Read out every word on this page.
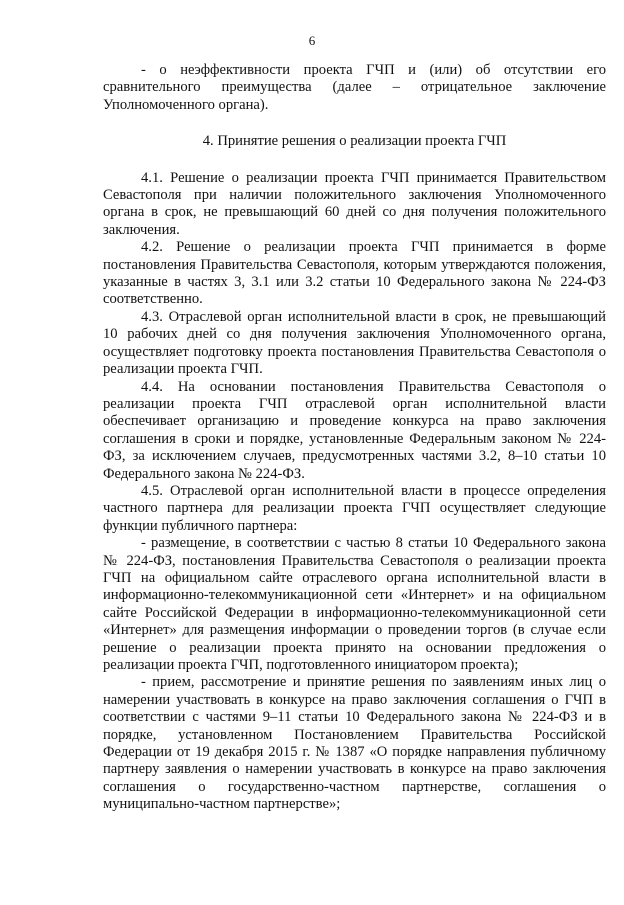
6

- о неэффективности проекта ГЧП и (или) об отсутствии его сравнительного преимущества (далее – отрицательное заключение Уполномоченного органа).

4. Принятие решения о реализации проекта ГЧП

4.1. Решение о реализации проекта ГЧП принимается Правительством Севастополя при наличии положительного заключения Уполномоченного органа в срок, не превышающий 60 дней со дня получения положительного заключения.

4.2. Решение о реализации проекта ГЧП принимается в форме постановления Правительства Севастополя, которым утверждаются положения, указанные в частях 3, 3.1 или 3.2 статьи 10 Федерального закона № 224-ФЗ соответственно.

4.3. Отраслевой орган исполнительной власти в срок, не превышающий 10 рабочих дней со дня получения заключения Уполномоченного органа, осуществляет подготовку проекта постановления Правительства Севастополя о реализации проекта ГЧП.

4.4. На основании постановления Правительства Севастополя о реализации проекта ГЧП отраслевой орган исполнительной власти обеспечивает организацию и проведение конкурса на право заключения соглашения в сроки и порядке, установленные Федеральным законом № 224-ФЗ, за исключением случаев, предусмотренных частями 3.2, 8–10 статьи 10 Федерального закона № 224-ФЗ.

4.5. Отраслевой орган исполнительной власти в процессе определения частного партнера для реализации проекта ГЧП осуществляет следующие функции публичного партнера:

- размещение, в соответствии с частью 8 статьи 10 Федерального закона № 224-ФЗ, постановления Правительства Севастополя о реализации проекта ГЧП на официальном сайте отраслевого органа исполнительной власти в информационно-телекоммуникационной сети «Интернет» и на официальном сайте Российской Федерации в информационно-телекоммуникационной сети «Интернет» для размещения информации о проведении торгов (в случае если решение о реализации проекта принято на основании предложения о реализации проекта ГЧП, подготовленного инициатором проекта);

- прием, рассмотрение и принятие решения по заявлениям иных лиц о намерении участвовать в конкурсе на право заключения соглашения о ГЧП в соответствии с частями 9–11 статьи 10 Федерального закона № 224-ФЗ и в порядке, установленном Постановлением Правительства Российской Федерации от 19 декабря 2015 г. № 1387 «О порядке направления публичному партнеру заявления о намерении участвовать в конкурсе на право заключения соглашения о государственно-частном партнерстве, соглашения о муниципально-частном партнерстве»;
